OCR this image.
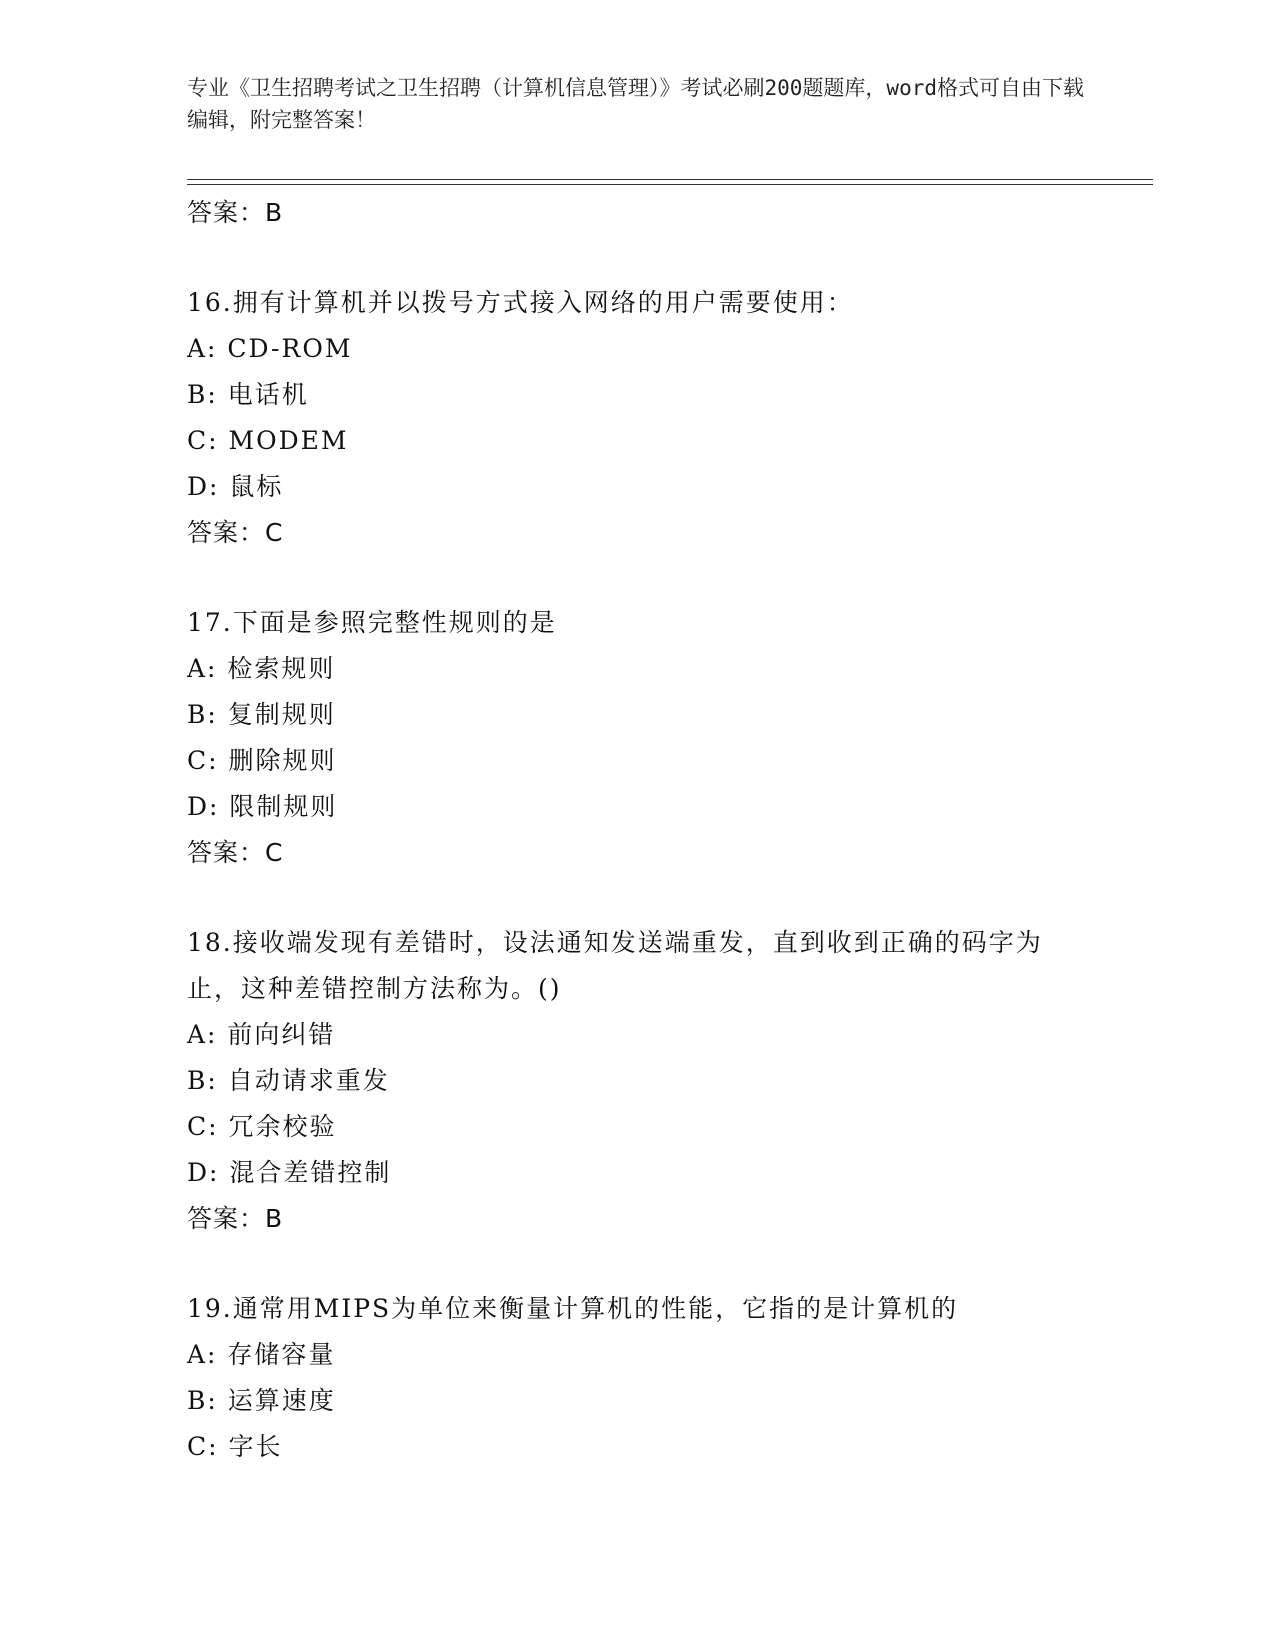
专业《卫生招聘考试之卫生招聘（计算机信息管理）》考试必刷200题题库，word格式可自由下载编辑，附完整答案！
答案：B
16.拥有计算机并以拨号方式接入网络的用户需要使用：
A: CD-ROM
B: 电话机
C: MODEM
D: 鼠标
答案：C
17.下面是参照完整性规则的是
A: 检索规则
B: 复制规则
C: 删除规则
D: 限制规则
答案：C
18.接收端发现有差错时，设法通知发送端重发，直到收到正确的码字为止，这种差错控制方法称为。()
A: 前向纠错
B: 自动请求重发
C: 冗余校验
D: 混合差错控制
答案：B
19.通常用MIPS为单位来衡量计算机的性能，它指的是计算机的
A: 存储容量
B: 运算速度
C: 字长
